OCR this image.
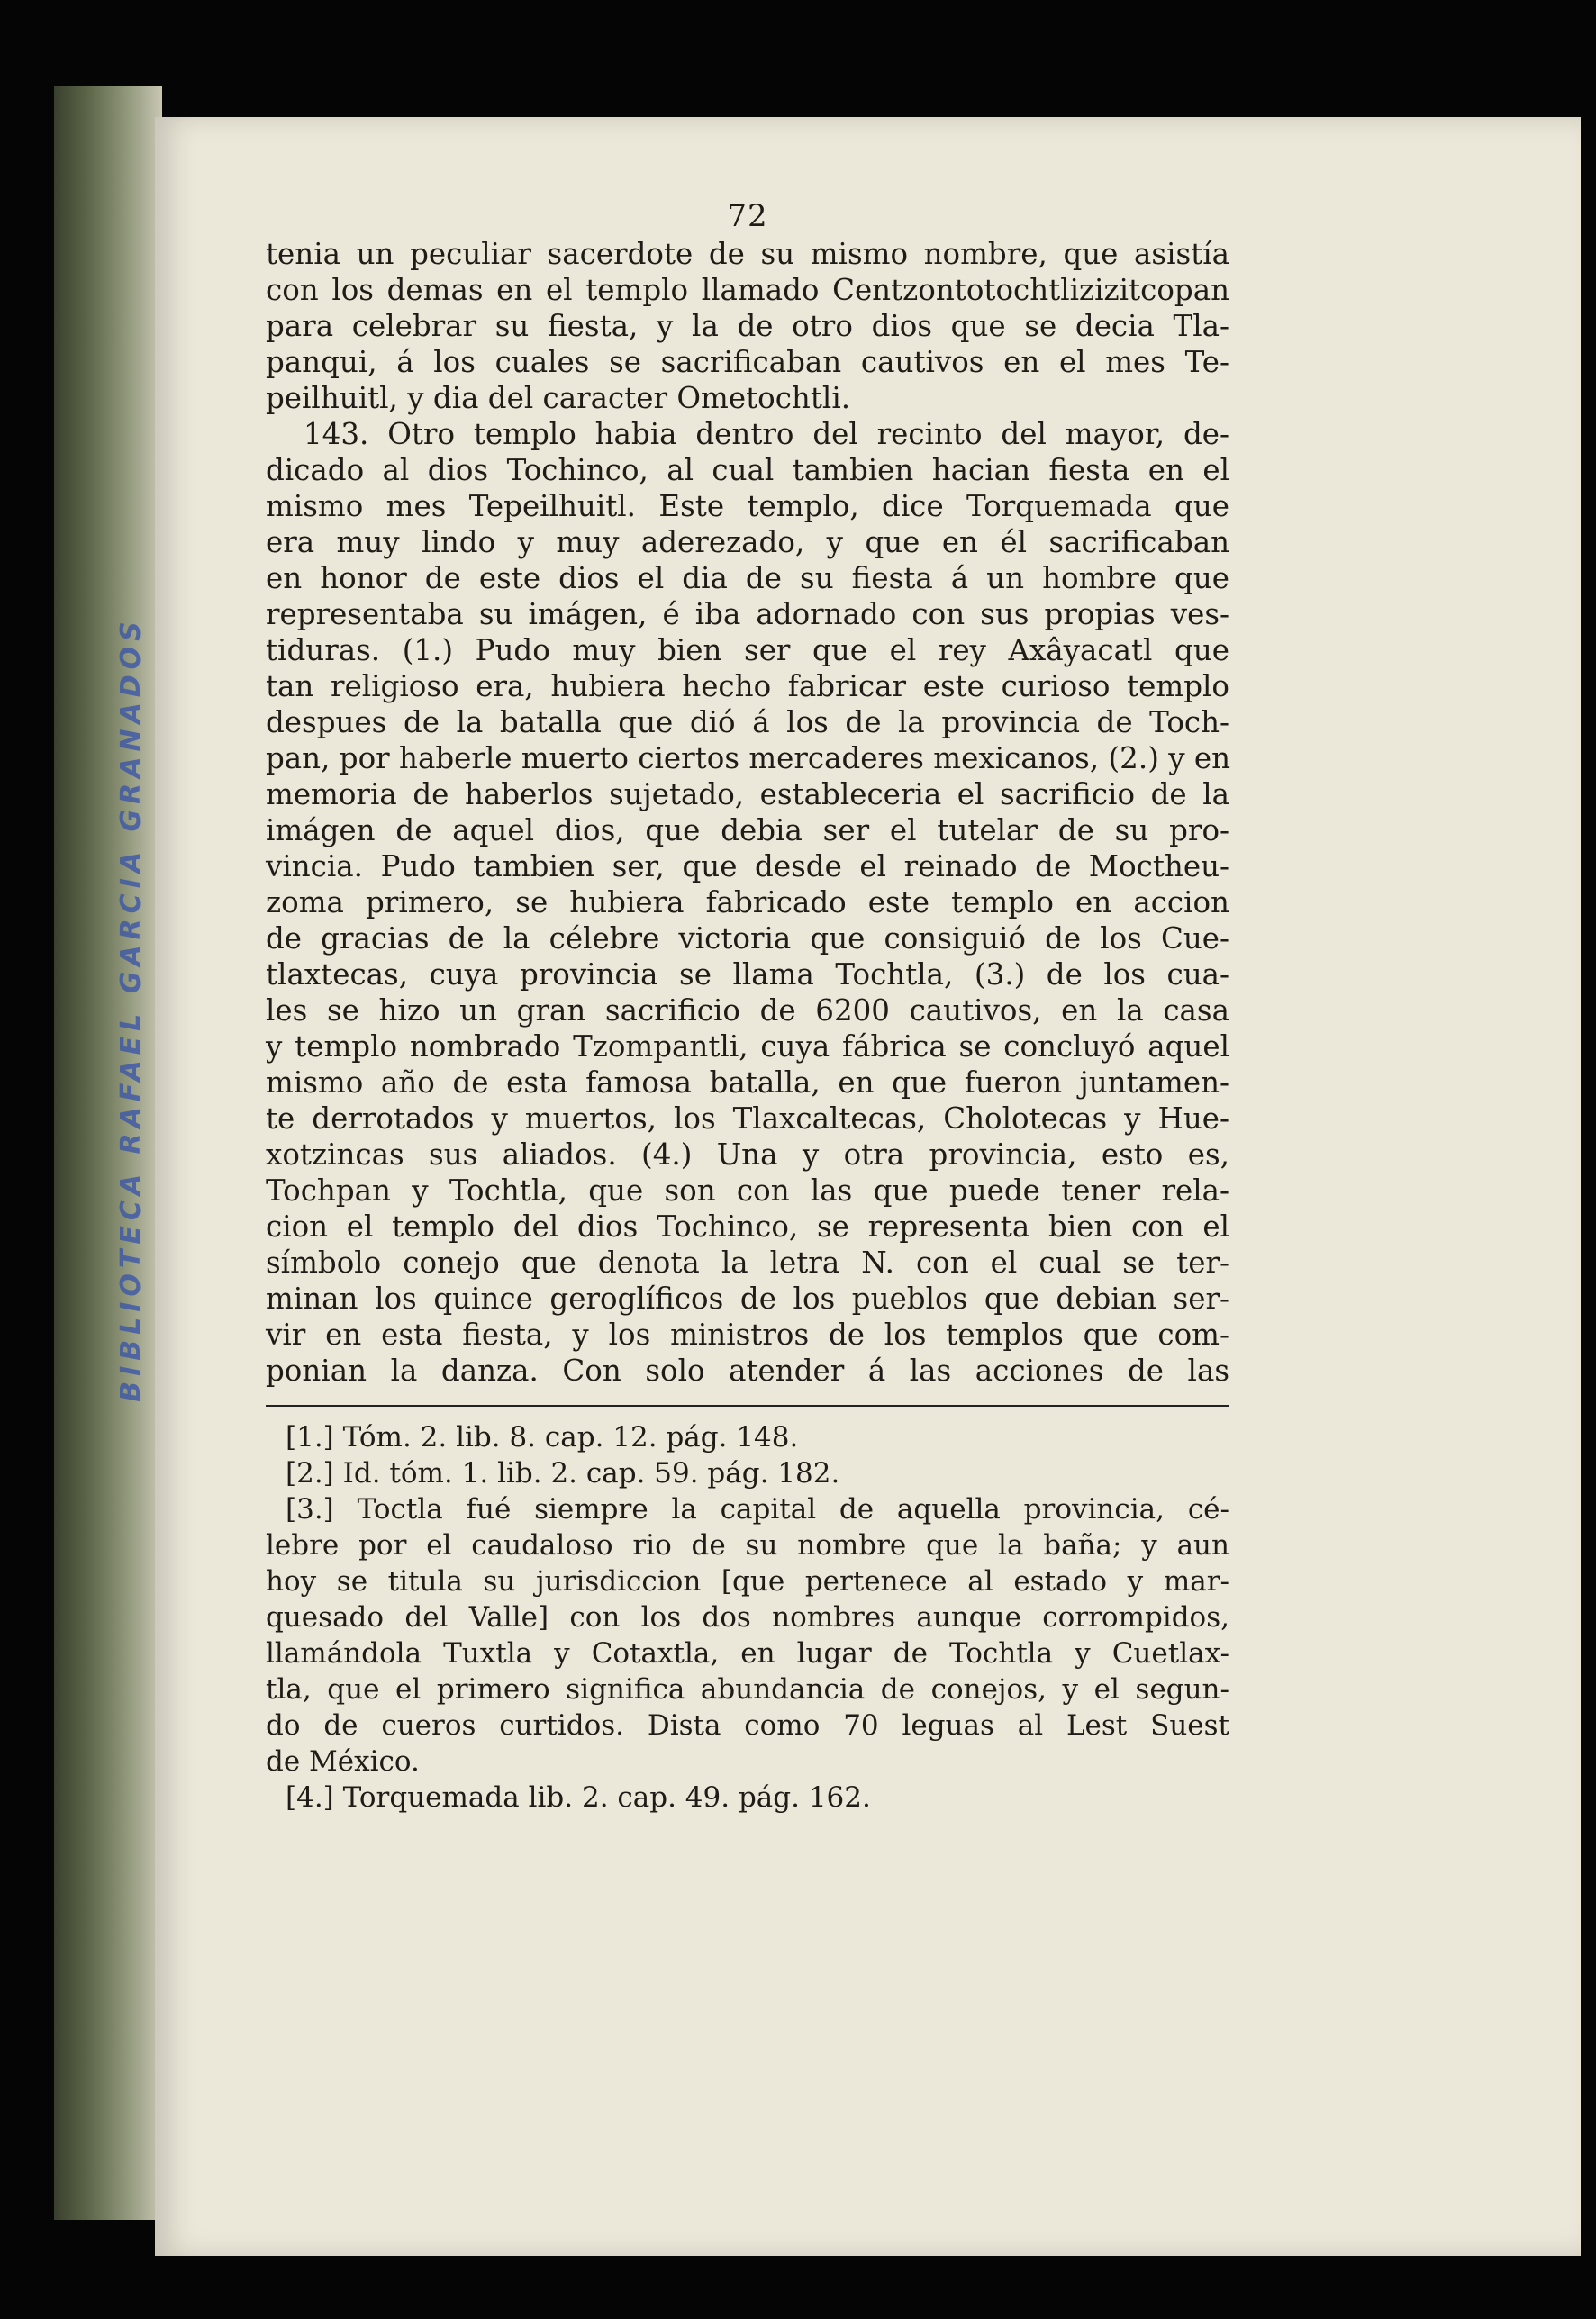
BIBLIOTECA RAFAEL GARCIA GRANADOS
72
tenia un peculiar sacerdote de su mismo nombre, que asistía
con los demas en el templo llamado Centzontotochtlizizitcopan
para celebrar su fiesta, y la de otro dios que se decia Tla-
panqui, á los cuales se sacrificaban cautivos en el mes Te-
peilhuitl, y dia del caracter Ometochtli.
143. Otro templo habia dentro del recinto del mayor, de-
dicado al dios Tochinco, al cual tambien hacian fiesta en el
mismo mes Tepeilhuitl. Este templo, dice Torquemada que
era muy lindo y muy aderezado, y que en él sacrificaban
en honor de este dios el dia de su fiesta á un hombre que
representaba su imágen, é iba adornado con sus propias ves-
tiduras. (1.) Pudo muy bien ser que el rey Axâyacatl que
tan religioso era, hubiera hecho fabricar este curioso templo
despues de la batalla que dió á los de la provincia de Toch-
pan, por haberle muerto ciertos mercaderes mexicanos, (2.) y en
memoria de haberlos sujetado, estableceria el sacrificio de la
imágen de aquel dios, que debia ser el tutelar de su pro-
vincia. Pudo tambien ser, que desde el reinado de Moctheu-
zoma primero, se hubiera fabricado este templo en accion
de gracias de la célebre victoria que consiguió de los Cue-
tlaxtecas, cuya provincia se llama Tochtla, (3.) de los cua-
les se hizo un gran sacrificio de 6200 cautivos, en la casa
y templo nombrado Tzompantli, cuya fábrica se concluyó aquel
mismo año de esta famosa batalla, en que fueron juntamen-
te derrotados y muertos, los Tlaxcaltecas, Cholotecas y Hue-
xotzincas sus aliados. (4.) Una y otra provincia, esto es,
Tochpan y Tochtla, que son con las que puede tener rela-
cion el templo del dios Tochinco, se representa bien con el
símbolo conejo que denota la letra N. con el cual se ter-
minan los quince geroglíficos de los pueblos que debian ser-
vir en esta fiesta, y los ministros de los templos que com-
ponian la danza. Con solo atender á las acciones de las
[1.] Tóm. 2. lib. 8. cap. 12. pág. 148.
[2.] Id. tóm. 1. lib. 2. cap. 59. pág. 182.
[3.] Toctla fué siempre la capital de aquella provincia, cé-
lebre por el caudaloso rio de su nombre que la baña; y aun
hoy se titula su jurisdiccion [que pertenece al estado y mar-
quesado del Valle] con los dos nombres aunque corrompidos,
llamándola Tuxtla y Cotaxtla, en lugar de Tochtla y Cuetlax-
tla, que el primero significa abundancia de conejos, y el segun-
do de cueros curtidos. Dista como 70 leguas al Lest Suest
de México.
[4.] Torquemada lib. 2. cap. 49. pág. 162.
